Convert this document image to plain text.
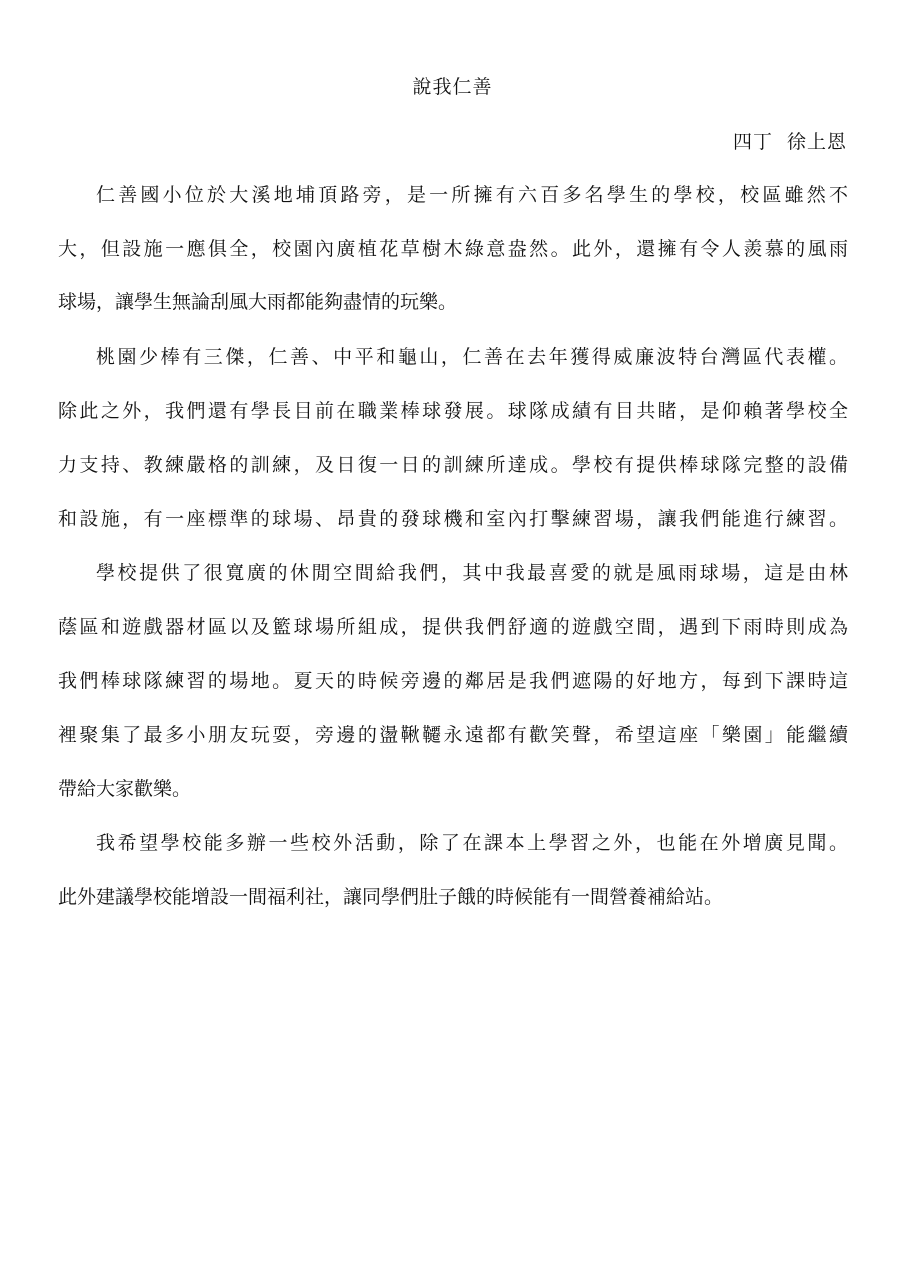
說我仁善
四丁 徐上恩
仁善國小位於大溪地埔頂路旁，是一所擁有六百多名學生的學校，校區雖然不
大，但設施一應俱全，校園內廣植花草樹木綠意盎然。此外，還擁有令人羨慕的風雨
球場，讓學生無論刮風大雨都能夠盡情的玩樂。
桃園少棒有三傑，仁善、中平和龜山，仁善在去年獲得威廉波特台灣區代表權。
除此之外，我們還有學長目前在職業棒球發展。球隊成績有目共睹，是仰賴著學校全
力支持、教練嚴格的訓練，及日復一日的訓練所達成。學校有提供棒球隊完整的設備
和設施，有一座標準的球場、昂貴的發球機和室內打擊練習場，讓我們能進行練習。
學校提供了很寬廣的休閒空間給我們，其中我最喜愛的就是風雨球場，這是由林
蔭區和遊戲器材區以及籃球場所組成，提供我們舒適的遊戲空間，遇到下雨時則成為
我們棒球隊練習的場地。夏天的時候旁邊的鄰居是我們遮陽的好地方，每到下課時這
裡聚集了最多小朋友玩耍，旁邊的盪鞦韆永遠都有歡笑聲，希望這座「樂園」能繼續
帶給大家歡樂。
我希望學校能多辦一些校外活動，除了在課本上學習之外，也能在外增廣見聞。
此外建議學校能增設一間福利社，讓同學們肚子餓的時候能有一間營養補給站。
